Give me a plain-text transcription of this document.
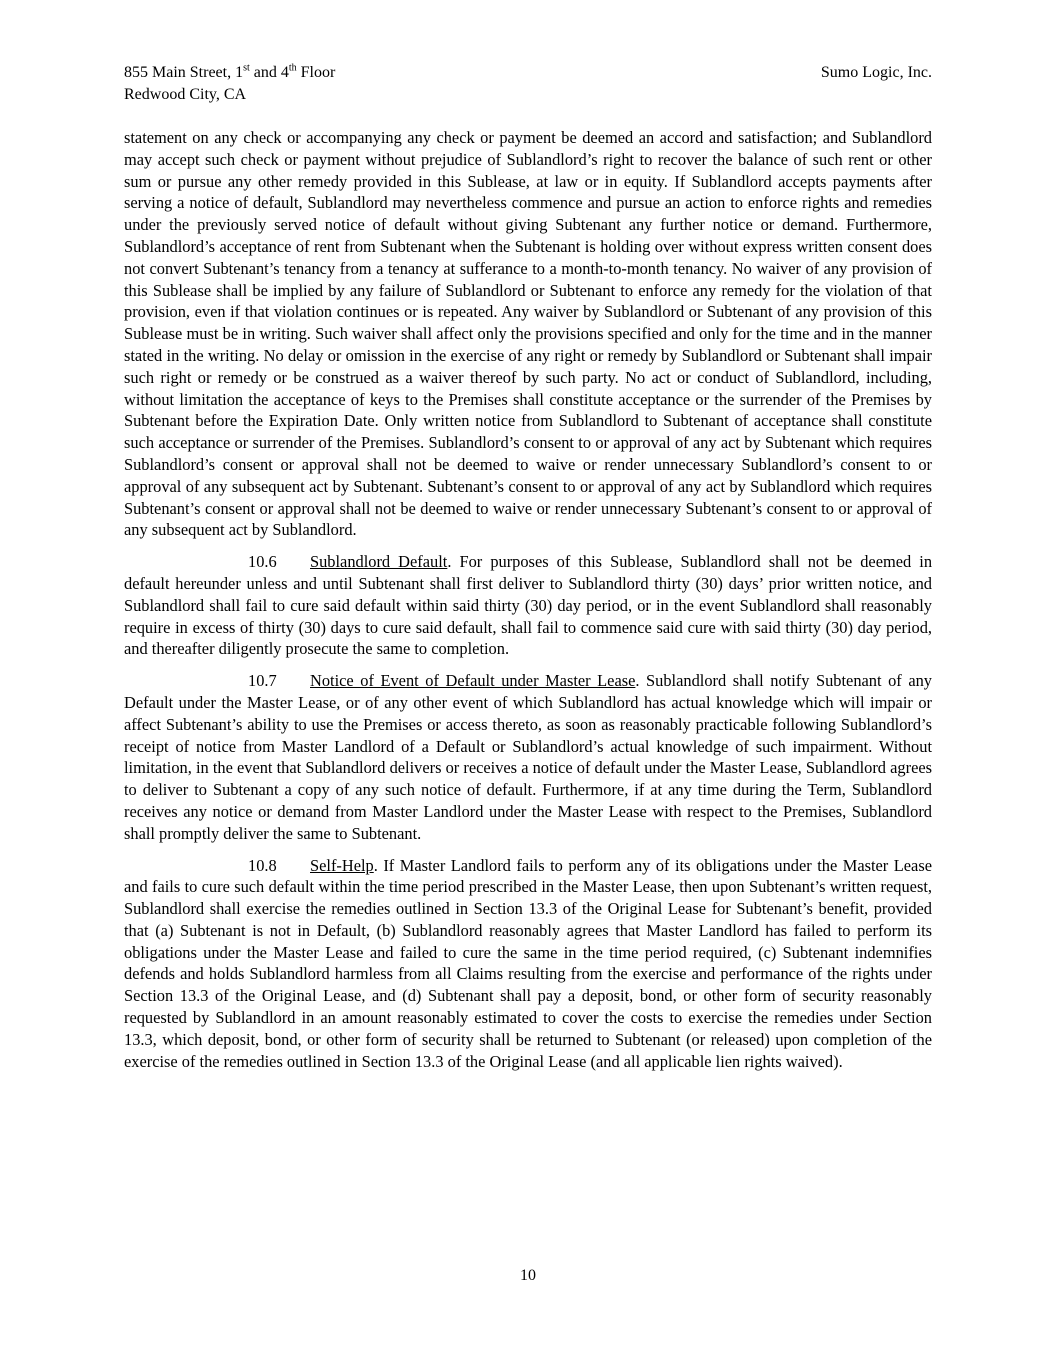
855 Main Street, 1st and 4th Floor
Redwood City, CA
Sumo Logic, Inc.

statement on any check or accompanying any check or payment be deemed an accord and satisfaction; and Sublandlord may accept such check or payment without prejudice of Sublandlord’s right to recover the balance of such rent or other sum or pursue any other remedy provided in this Sublease, at law or in equity. If Sublandlord accepts payments after serving a notice of default, Sublandlord may nevertheless commence and pursue an action to enforce rights and remedies under the previously served notice of default without giving Subtenant any further notice or demand. Furthermore, Sublandlord’s acceptance of rent from Subtenant when the Subtenant is holding over without express written consent does not convert Subtenant’s tenancy from a tenancy at sufferance to a month-to-month tenancy. No waiver of any provision of this Sublease shall be implied by any failure of Sublandlord or Subtenant to enforce any remedy for the violation of that provision, even if that violation continues or is repeated. Any waiver by Sublandlord or Subtenant of any provision of this Sublease must be in writing. Such waiver shall affect only the provisions specified and only for the time and in the manner stated in the writing. No delay or omission in the exercise of any right or remedy by Sublandlord or Subtenant shall impair such right or remedy or be construed as a waiver thereof by such party. No act or conduct of Sublandlord, including, without limitation the acceptance of keys to the Premises shall constitute acceptance or the surrender of the Premises by Subtenant before the Expiration Date. Only written notice from Sublandlord to Subtenant of acceptance shall constitute such acceptance or surrender of the Premises. Sublandlord’s consent to or approval of any act by Subtenant which requires Sublandlord’s consent or approval shall not be deemed to waive or render unnecessary Sublandlord’s consent to or approval of any subsequent act by Subtenant. Subtenant’s consent to or approval of any act by Sublandlord which requires Subtenant’s consent or approval shall not be deemed to waive or render unnecessary Subtenant’s consent to or approval of any subsequent act by Sublandlord.

10.6 Sublandlord Default. For purposes of this Sublease, Sublandlord shall not be deemed in default hereunder unless and until Subtenant shall first deliver to Sublandlord thirty (30) days’ prior written notice, and Sublandlord shall fail to cure said default within said thirty (30) day period, or in the event Sublandlord shall reasonably require in excess of thirty (30) days to cure said default, shall fail to commence said cure with said thirty (30) day period, and thereafter diligently prosecute the same to completion.

10.7 Notice of Event of Default under Master Lease. Sublandlord shall notify Subtenant of any Default under the Master Lease, or of any other event of which Sublandlord has actual knowledge which will impair or affect Subtenant’s ability to use the Premises or access thereto, as soon as reasonably practicable following Sublandlord’s receipt of notice from Master Landlord of a Default or Sublandlord’s actual knowledge of such impairment. Without limitation, in the event that Sublandlord delivers or receives a notice of default under the Master Lease, Sublandlord agrees to deliver to Subtenant a copy of any such notice of default. Furthermore, if at any time during the Term, Sublandlord receives any notice or demand from Master Landlord under the Master Lease with respect to the Premises, Sublandlord shall promptly deliver the same to Subtenant.

10.8 Self-Help. If Master Landlord fails to perform any of its obligations under the Master Lease and fails to cure such default within the time period prescribed in the Master Lease, then upon Subtenant’s written request, Sublandlord shall exercise the remedies outlined in Section 13.3 of the Original Lease for Subtenant’s benefit, provided that (a) Subtenant is not in Default, (b) Sublandlord reasonably agrees that Master Landlord has failed to perform its obligations under the Master Lease and failed to cure the same in the time period required, (c) Subtenant indemnifies defends and holds Sublandlord harmless from all Claims resulting from the exercise and performance of the rights under Section 13.3 of the Original Lease, and (d) Subtenant shall pay a deposit, bond, or other form of security reasonably requested by Sublandlord in an amount reasonably estimated to cover the costs to exercise the remedies under Section 13.3, which deposit, bond, or other form of security shall be returned to Subtenant (or released) upon completion of the exercise of the remedies outlined in Section 13.3 of the Original Lease (and all applicable lien rights waived).

10
